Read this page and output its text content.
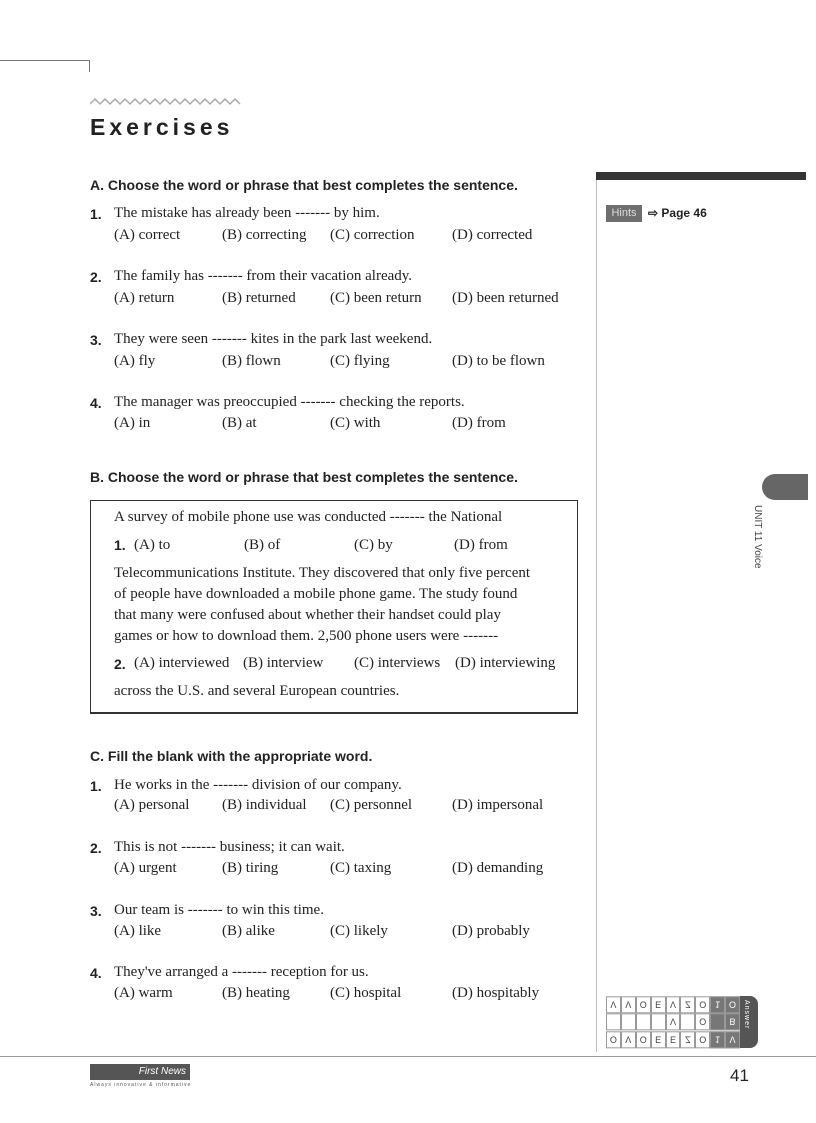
Exercises
Hints ⇨ Page 46
UNIT 11 Voice
A. Choose the word or phrase that best completes the sentence.
1. The mistake has already been ------- by him.
(A) correct	(B) correcting (C) correction (D) corrected
2. The family has ------- from their vacation already.
(A) return	(B) returned (C) been return (D) been returned
3. They were seen ------- kites in the park last weekend.
(A) fly	(B) flown	(C) flying	(D) to be flown
4. The manager was preoccupied ------- checking the reports.
(A) in	(B) at	(C) with	(D) from
B. Choose the word or phrase that best completes the sentence.
A survey of mobile phone use was conducted ------- the National
1. (A) to	(B) of	(C) by	(D) from
Telecommunications Institute. They discovered that only five percent
of people have downloaded a mobile phone game. The study found
that many were confused about whether their handset could play
games or how to download them. 2,500 phone users were -------
2. (A) interviewed (B) interview (C) interviews (D) interviewing
across the U.S. and several European countries.
C. Fill the blank with the appropriate word.
1. He works in the ------- division of our company.
(A) personal (B) individual (C) personnel	(D) impersonal
2. This is not ------- business; it can wait.
(A) urgent	(B) tiring	(C) taxing	(D) demanding
3. Our team is ------- to win this time.
(A) like	(B) alike	(C) likely	(D) probably
4. They've arranged a ------- reception for us.
(A) warm	(B) heating	(C) hospital	(D) hospitably
V V O E V	Z O 1 O
V	O	B
O V O E E	Z O 1	V
Answer
First News
Always innovative & informative	41
